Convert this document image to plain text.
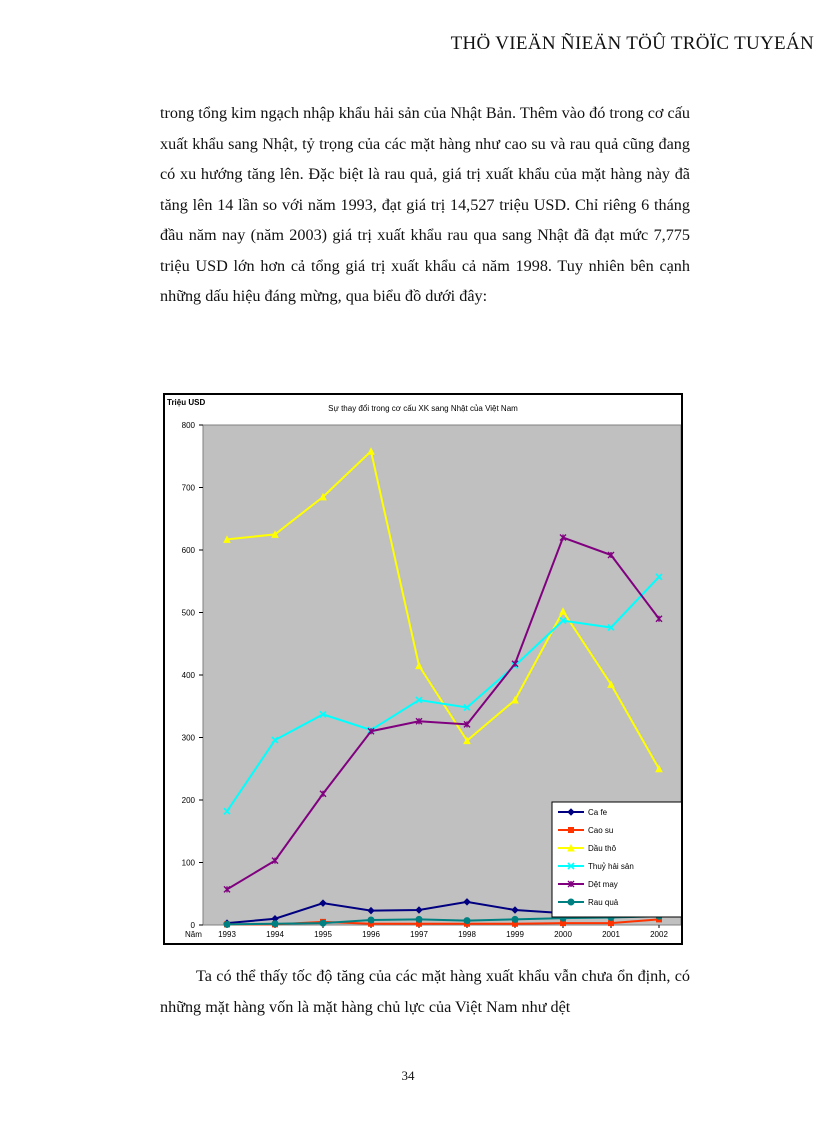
THÖ VIEÄN ÑIEÄN TÖÛ TRÖÏC TUYEÁN

trong tổng kim ngạch nhập khẩu hải sản của Nhật Bản. Thêm vào đó trong cơ cấu xuất khẩu sang Nhật, tỷ trọng của các mặt hàng như cao su và rau quả cũng đang có xu hướng tăng lên. Đặc biệt là rau quả, giá trị xuất khẩu của mặt hàng này đã tăng lên 14 lần so với năm 1993, đạt giá trị 14,527 triệu USD. Chỉ riêng 6 tháng đầu năm nay (năm 2003) giá trị xuất khẩu rau qua sang Nhật đã đạt mức 7,775 triệu USD lớn hơn cả tổng giá trị xuất khẩu cả năm 1998. Tuy nhiên bên cạnh những dấu hiệu đáng mừng, qua biểu đồ dưới đây:

Triệu USD
Sự thay đổi trong cơ cấu XK sang Nhật của Việt Nam
0
100
200
300
400
500
600
700
800
Năm 1993	1994	1995	1996	1997	1998	1999	2000	2001	2002
Ca fe
Cao su
Dầu thô
Thuỷ hải sản
Dệt may
Rau quả

Ta có thể thấy tốc độ tăng của các mặt hàng xuất khẩu vẫn chưa ổn định, có những mặt hàng vốn là mặt hàng chủ lực của Việt Nam như dệt

34
